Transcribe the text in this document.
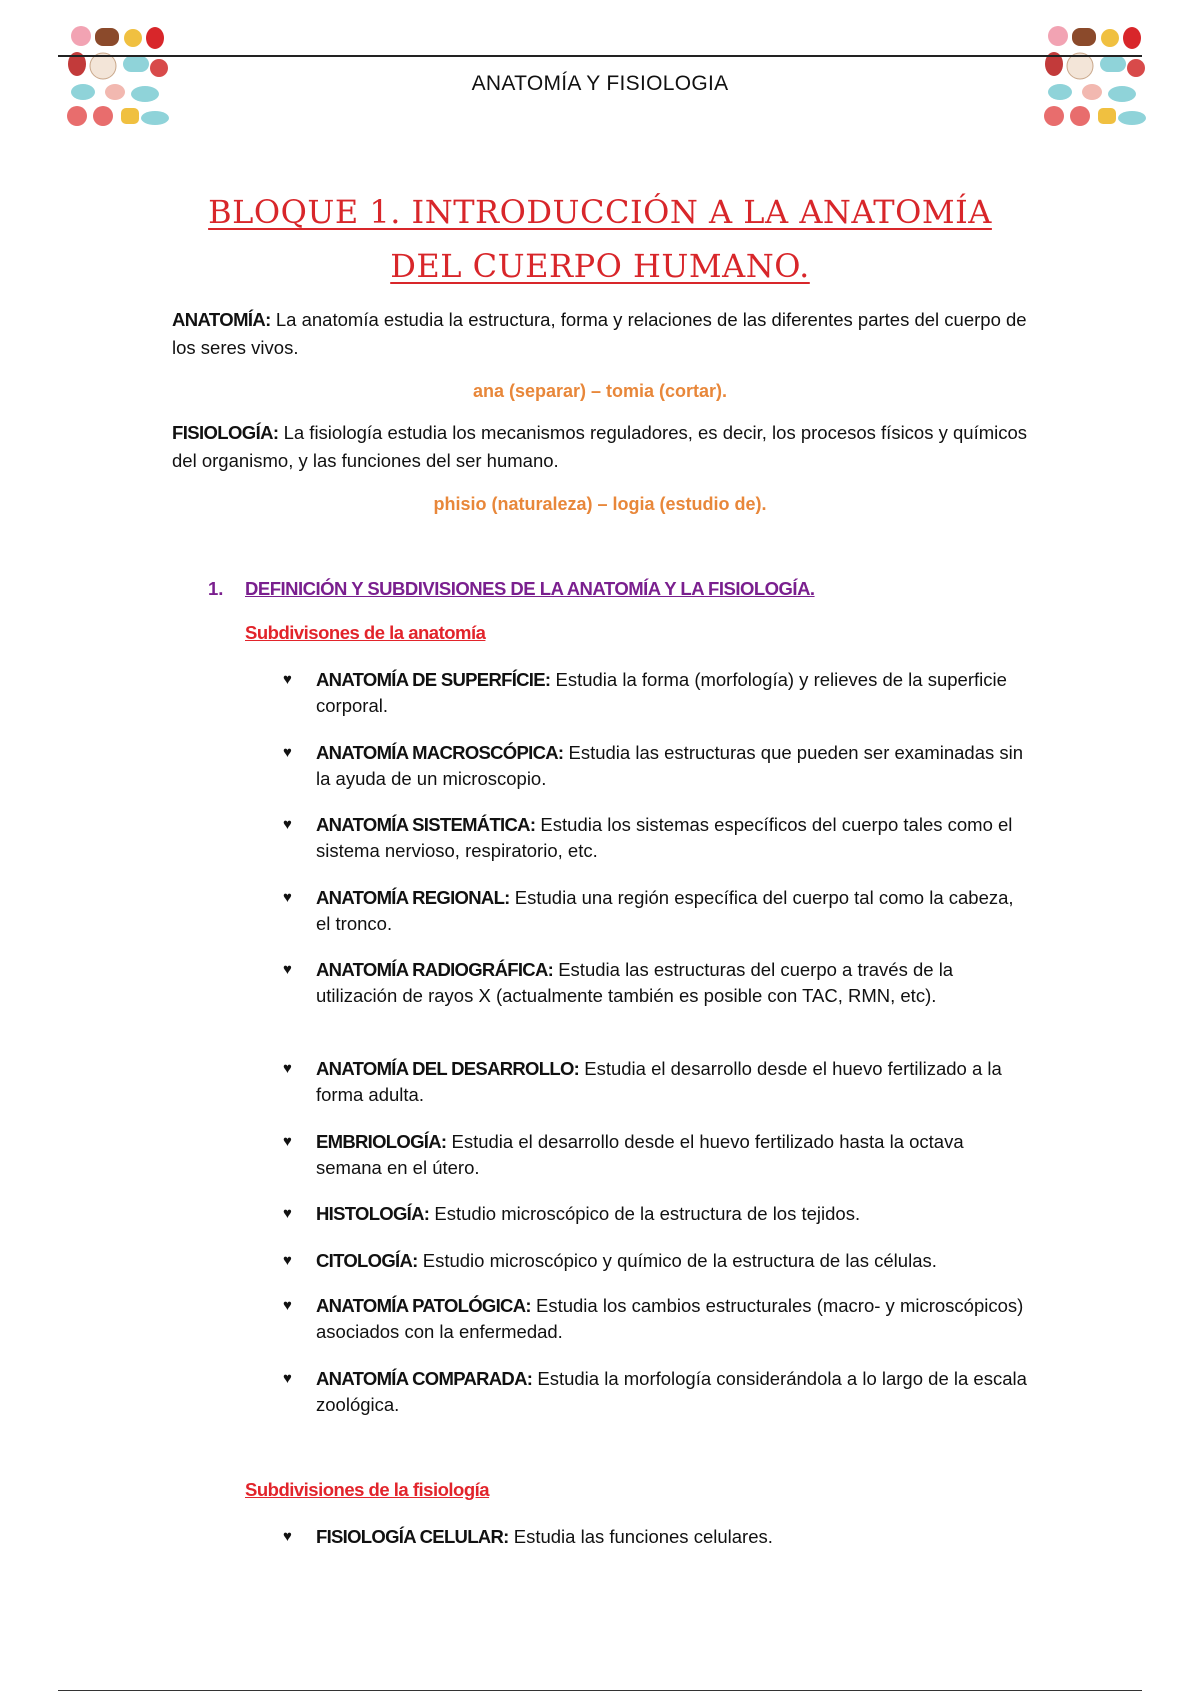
ANATOMÍA Y FISIOLOGIA
BLOQUE 1. INTRODUCCIÓN A LA ANATOMÍA
DEL CUERPO HUMANO.
ANATOMÍA: La anatomía estudia la estructura, forma y relaciones de las diferentes partes del cuerpo de los seres vivos.
ana (separar) – tomia (cortar).
FISIOLOGÍA: La fisiología estudia los mecanismos reguladores, es decir, los procesos físicos y químicos del organismo, y las funciones del ser humano.
phisio (naturaleza) – logia (estudio de).
1. DEFINICIÓN Y SUBDIVISIONES DE LA ANATOMÍA Y LA FISIOLOGÍA.
Subdivisones de la anatomía
♥ ANATOMÍA DE SUPERFÍCIE: Estudia la forma (morfología) y relieves de la superficie corporal.
♥ ANATOMÍA MACROSCÓPICA: Estudia las estructuras que pueden ser examinadas sin la ayuda de un microscopio.
♥ ANATOMÍA SISTEMÁTICA: Estudia los sistemas específicos del cuerpo tales como el sistema nervioso, respiratorio, etc.
♥ ANATOMÍA REGIONAL: Estudia una región específica del cuerpo tal como la cabeza, el tronco.
♥ ANATOMÍA RADIOGRÁFICA: Estudia las estructuras del cuerpo a través de la utilización de rayos X (actualmente también es posible con TAC, RMN, etc).
♥ ANATOMÍA DEL DESARROLLO: Estudia el desarrollo desde el huevo fertilizado a la forma adulta.
♥ EMBRIOLOGÍA: Estudia el desarrollo desde el huevo fertilizado hasta la octava semana en el útero.
♥ HISTOLOGÍA: Estudio microscópico de la estructura de los tejidos.
♥ CITOLOGÍA: Estudio microscópico y químico de la estructura de las células.
♥ ANATOMÍA PATOLÓGICA: Estudia los cambios estructurales (macro- y microscópicos) asociados con la enfermedad.
♥ ANATOMÍA COMPARADA: Estudia la morfología considerándola a lo largo de la escala zoológica.
Subdivisiones de la fisiología
♥ FISIOLOGÍA CELULAR: Estudia las funciones celulares.
